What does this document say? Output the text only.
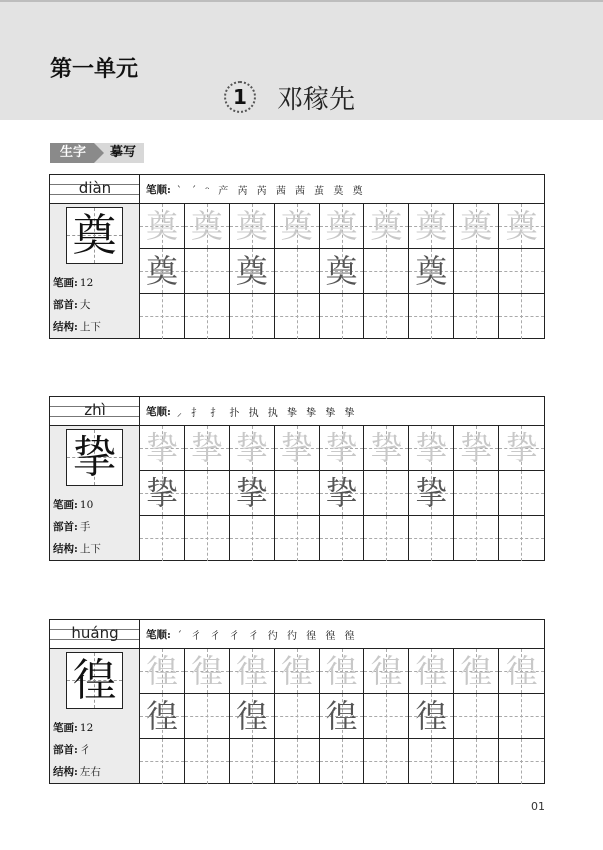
第一单元
1	邓稼先
生字	摹写
diàn	笔顺: ` ˊ ᵔ 产 芮 芮 茜 茜 茧 莫 奠
奠
笔画: 12
部首: 大
结构: 上下
奠 奠 奠 奠 奠 奠 奠 奠 奠
奠 奠 奠 奠
zhì	笔顺: ⸝ 扌 扌 扑 执 执 挚 挚 挚 挚
挚
笔画: 10
部首: 手
结构: 上下
挚 挚 挚 挚 挚 挚 挚 挚 挚
挚 挚 挚 挚
huáng	笔顺: ˊ 彳 彳 彳 彳 彴 彴 徨 徨 徨
徨
笔画: 12
部首: 彳
结构: 左右
徨 徨 徨 徨 徨 徨 徨 徨 徨
徨 徨 徨 徨
01
